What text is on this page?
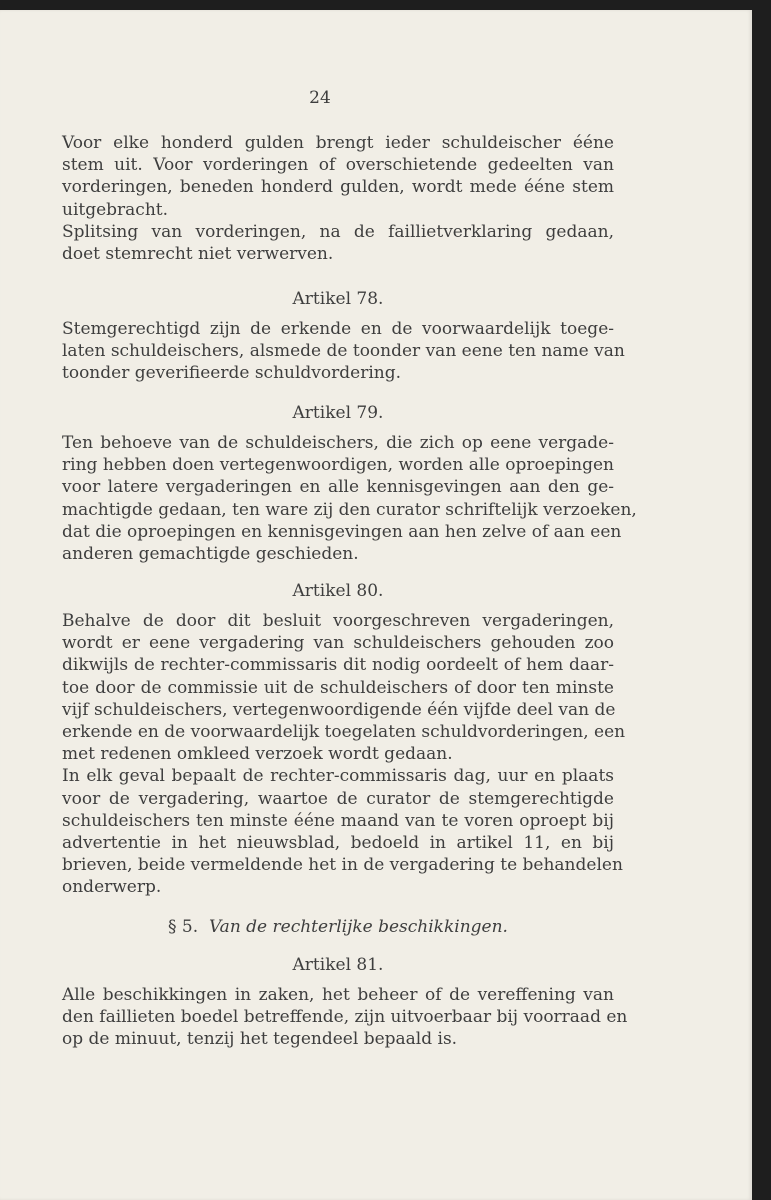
24
Voor elke honderd gulden brengt ieder schuldeischer ééne
stem uit. Voor vorderingen of overschietende gedeelten van
vorderingen, beneden honderd gulden, wordt mede ééne stem
uitgebracht.
Splitsing van vorderingen, na de faillietverklaring gedaan,
doet stemrecht niet verwerven.
Artikel 78.
Stemgerechtigd zijn de erkende en de voorwaardelijk toege-
laten schuldeischers, alsmede de toonder van eene ten name van
toonder geverifieerde schuldvordering.
Artikel 79.
Ten behoeve van de schuldeischers, die zich op eene vergade-
ring hebben doen vertegenwoordigen, worden alle oproepingen
voor latere vergaderingen en alle kennisgevingen aan den ge-
machtigde gedaan, ten ware zij den curator schriftelijk verzoeken,
dat die oproepingen en kennisgevingen aan hen zelve of aan een
anderen gemachtigde geschieden.
Artikel 80.
Behalve de door dit besluit voorgeschreven vergaderingen,
wordt er eene vergadering van schuldeischers gehouden zoo
dikwijls de rechter-commissaris dit nodig oordeelt of hem daar-
toe door de commissie uit de schuldeischers of door ten minste
vijf schuldeischers, vertegenwoordigende één vijfde deel van de
erkende en de voorwaardelijk toegelaten schuldvorderingen, een
met redenen omkleed verzoek wordt gedaan.
In elk geval bepaalt de rechter-commissaris dag, uur en plaats
voor de vergadering, waartoe de curator de stemgerechtigde
schuldeischers ten minste ééne maand van te voren oproept bij
advertentie in het nieuwsblad, bedoeld in artikel 11, en bij
brieven, beide vermeldende het in de vergadering te behandelen
onderwerp.
§ 5. Van de rechterlijke beschikkingen.
Artikel 81.
Alle beschikkingen in zaken, het beheer of de vereffening van
den faillieten boedel betreffende, zijn uitvoerbaar bij voorraad en
op de minuut, tenzij het tegendeel bepaald is.
